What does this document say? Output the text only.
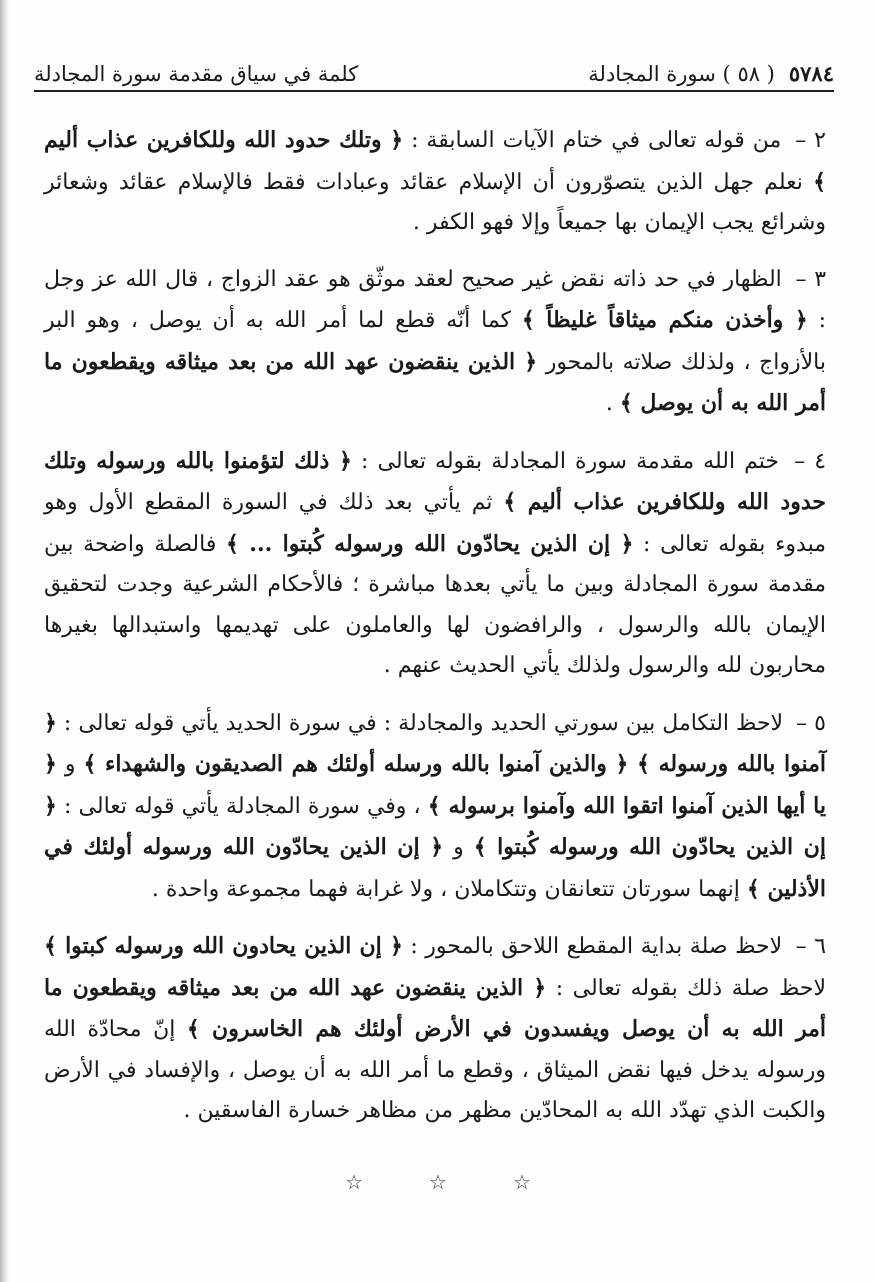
٥٧٨٤
( ٥٨ ) سورة المجادلة
كلمة في سياق مقدمة سورة المجادلة

٢ – من قوله تعالى في ختام الآيات السابقة : ﴿ وتلك حدود الله وللكافرين عذاب أليم ﴾ نعلم جهل الذين يتصوّرون أن الإسلام عقائد وعبادات فقط فالإسلام عقائد وشعائر وشرائع يجب الإيمان بها جميعاً وإلا فهو الكفر .

٣ – الظهار في حد ذاته نقض غير صحيح لعقد موثّق هو عقد الزواج ، قال الله عز وجل : ﴿ وأخذن منكم ميثاقاً غليظاً ﴾ كما أنّه قطع لما أمر الله به أن يوصل ، وهو البر بالأزواج ، ولذلك صلاته بالمحور ﴿ الذين ينقضون عهد الله من بعد ميثاقه ويقطعون ما أمر الله به أن يوصل ﴾ .

٤ – ختم الله مقدمة سورة المجادلة بقوله تعالى : ﴿ ذلك لتؤمنوا بالله ورسوله وتلك حدود الله وللكافرين عذاب أليم ﴾ ثم يأتي بعد ذلك في السورة المقطع الأول وهو مبدوء بقوله تعالى : ﴿ إن الذين يحادّون الله ورسوله كُبتوا ... ﴾ فالصلة واضحة بين مقدمة سورة المجادلة وبين ما يأتي بعدها مباشرة ؛ فالأحكام الشرعية وجدت لتحقيق الإيمان بالله والرسول ، والرافضون لها والعاملون على تهديمها واستبدالها بغيرها محاربون لله والرسول ولذلك يأتي الحديث عنهم .

٥ – لاحظ التكامل بين سورتي الحديد والمجادلة : في سورة الحديد يأتي قوله تعالى : ﴿ آمنوا بالله ورسوله ﴾ ﴿ والذين آمنوا بالله ورسله أولئك هم الصديقون والشهداء ﴾ و ﴿ يا أيها الذين آمنوا اتقوا الله وآمنوا برسوله ﴾ ، وفي سورة المجادلة يأتي قوله تعالى : ﴿ إن الذين يحادّون الله ورسوله كُبتوا ﴾ و ﴿ إن الذين يحادّون الله ورسوله أولئك في الأذلين ﴾ إنهما سورتان تتعانقان وتتكاملان ، ولا غرابة فهما مجموعة واحدة .

٦ – لاحظ صلة بداية المقطع اللاحق بالمحور : ﴿ إن الذين يحادون الله ورسوله كبتوا ﴾ لاحظ صلة ذلك بقوله تعالى : ﴿ الذين ينقضون عهد الله من بعد ميثاقه ويقطعون ما أمر الله به أن يوصل ويفسدون في الأرض أولئك هم الخاسرون ﴾ إنّ محادّة الله ورسوله يدخل فيها نقض الميثاق ، وقطع ما أمر الله به أن يوصل ، والإفساد في الأرض والكبت الذي تهدّد الله به المحادّين مظهر من مظاهر خسارة الفاسقين .

☆
☆
☆
